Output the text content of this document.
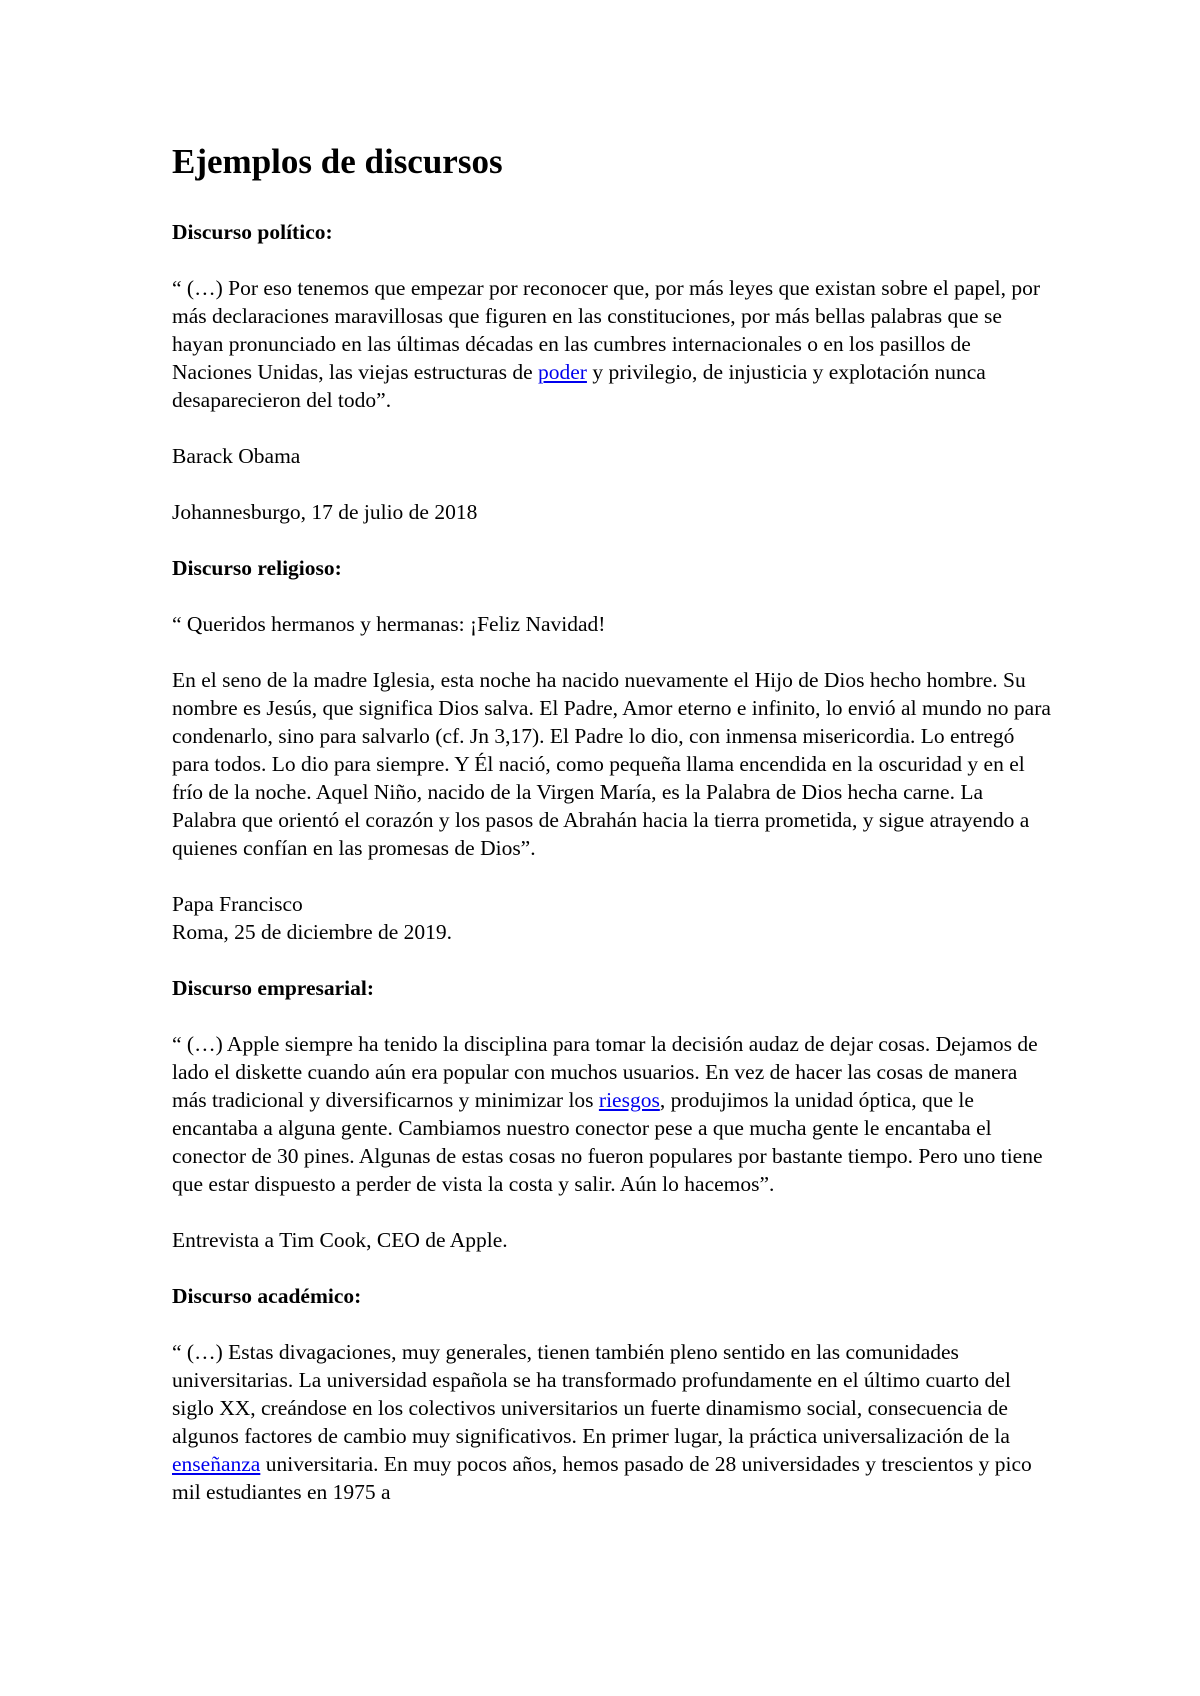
Ejemplos de discursos
Discurso político:

“ (…) Por eso tenemos que empezar por reconocer que, por más leyes que existan sobre el papel, por más declaraciones maravillosas que figuren en las constituciones, por más bellas palabras que se hayan pronunciado en las últimas décadas en las cumbres internacionales o en los pasillos de Naciones Unidas, las viejas estructuras de poder y privilegio, de injusticia y explotación nunca desaparecieron del todo”.

Barack Obama

Johannesburgo, 17 de julio de 2018

Discurso religioso:

“ Queridos hermanos y hermanas: ¡Feliz Navidad!

En el seno de la madre Iglesia, esta noche ha nacido nuevamente el Hijo de Dios hecho hombre. Su nombre es Jesús, que significa Dios salva. El Padre, Amor eterno e infinito, lo envió al mundo no para condenarlo, sino para salvarlo (cf. Jn 3,17). El Padre lo dio, con inmensa misericordia. Lo entregó para todos. Lo dio para siempre. Y Él nació, como pequeña llama encendida en la oscuridad y en el frío de la noche. Aquel Niño, nacido de la Virgen María, es la Palabra de Dios hecha carne. La Palabra que orientó el corazón y los pasos de Abrahán hacia la tierra prometida, y sigue atrayendo a quienes confían en las promesas de Dios”.

Papa Francisco

Roma, 25 de diciembre de 2019.

Discurso empresarial:

“ (…) Apple siempre ha tenido la disciplina para tomar la decisión audaz de dejar cosas. Dejamos de lado el diskette cuando aún era popular con muchos usuarios. En vez de hacer las cosas de manera más tradicional y diversificarnos y minimizar los riesgos, produjimos la unidad óptica, que le encantaba a alguna gente. Cambiamos nuestro conector pese a que mucha gente le encantaba el conector de 30 pines. Algunas de estas cosas no fueron populares por bastante tiempo. Pero uno tiene que estar dispuesto a perder de vista la costa y salir. Aún lo hacemos”.

Entrevista a Tim Cook, CEO de Apple.

Discurso académico:

“ (…) Estas divagaciones, muy generales, tienen también pleno sentido en las comunidades universitarias. La universidad española se ha transformado profundamente en el último cuarto del siglo XX, creándose en los colectivos universitarios un fuerte dinamismo social, consecuencia de algunos factores de cambio muy significativos. En primer lugar, la práctica universalización de la enseñanza universitaria. En muy pocos años, hemos pasado de 28 universidades y trescientos y pico mil estudiantes en 1975 a
